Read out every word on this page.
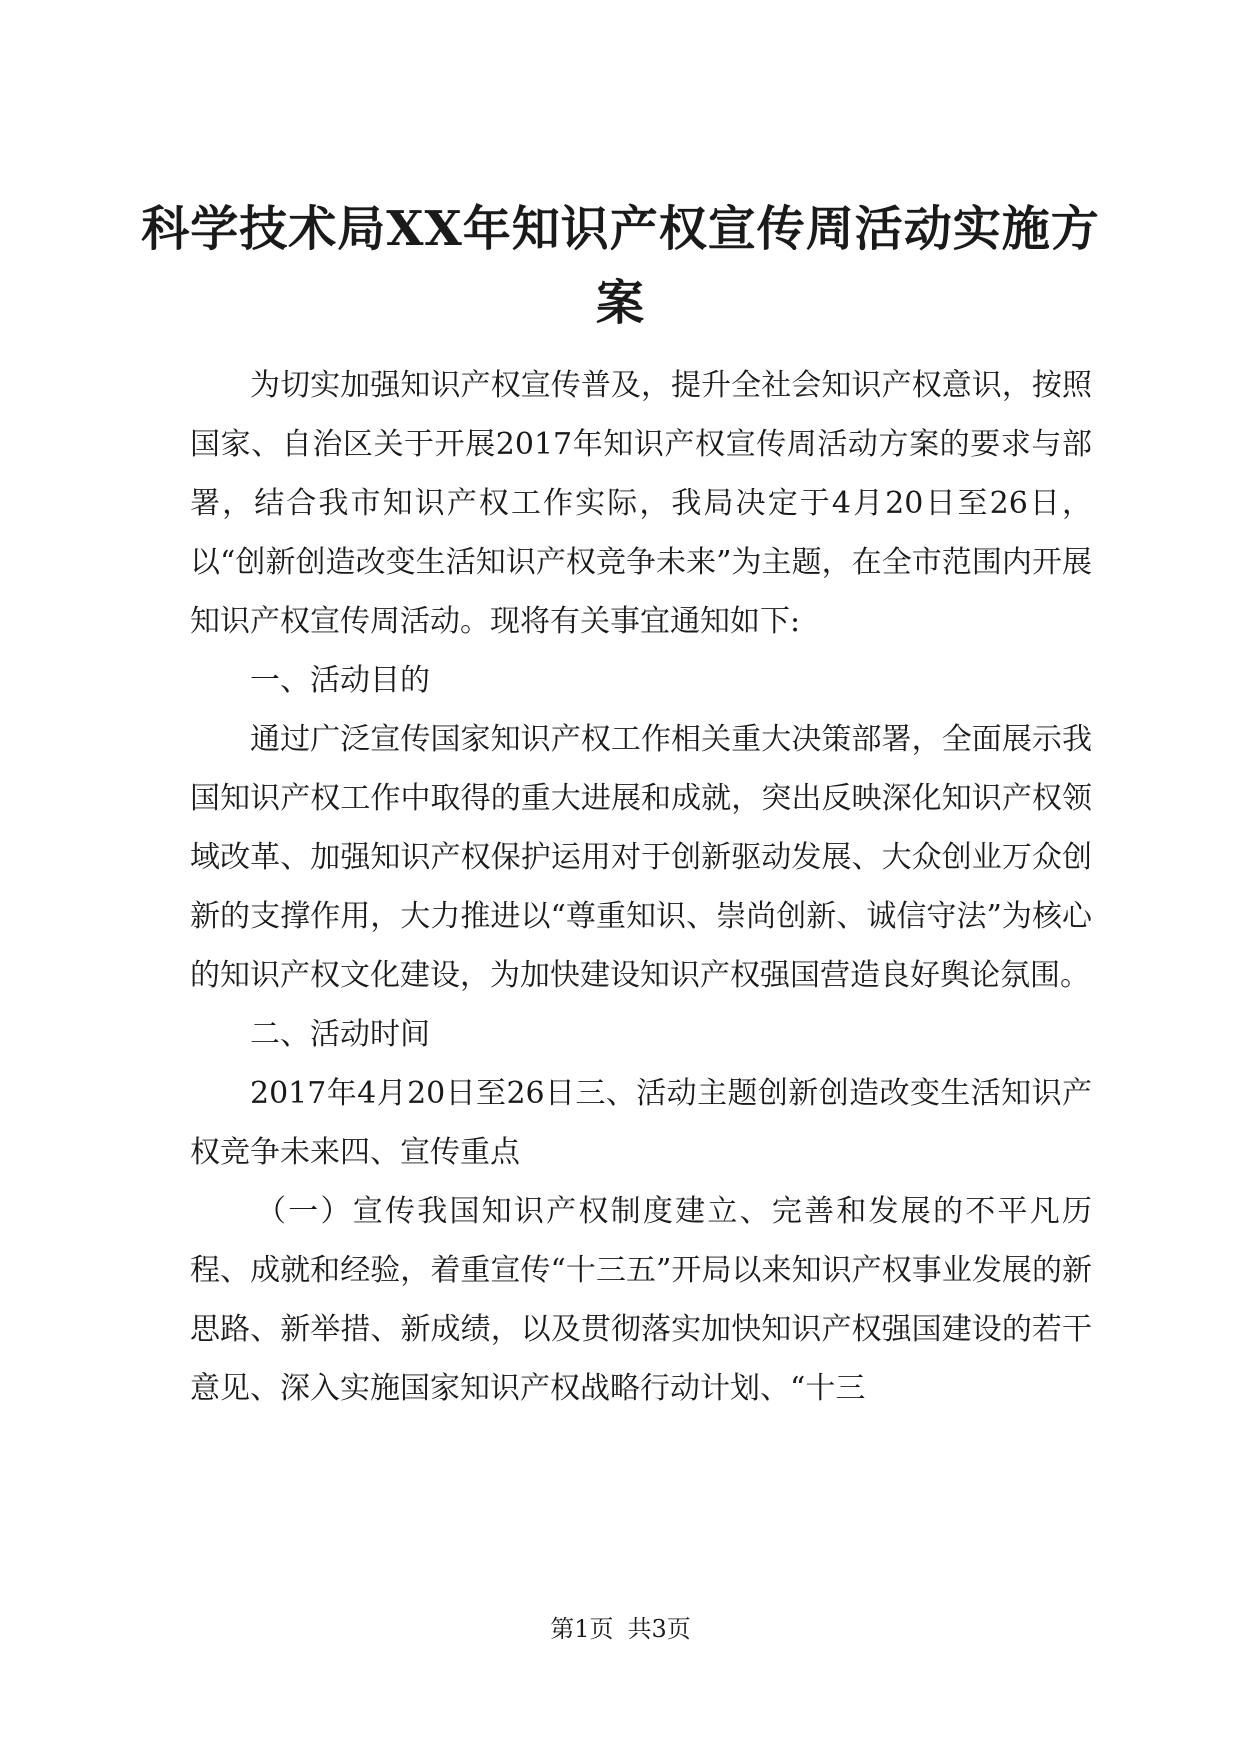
科学技术局XX年知识产权宣传周活动实施方案

为切实加强知识产权宣传普及，提升全社会知识产权意识，按照国家、自治区关于开展2017年知识产权宣传周活动方案的要求与部署，结合我市知识产权工作实际，我局决定于4月20日至26日，以“创新创造改变生活知识产权竞争未来”为主题，在全市范围内开展知识产权宣传周活动。现将有关事宜通知如下:

一、活动目的

通过广泛宣传国家知识产权工作相关重大决策部署，全面展示我国知识产权工作中取得的重大进展和成就，突出反映深化知识产权领域改革、加强知识产权保护运用对于创新驱动发展、大众创业万众创新的支撑作用，大力推进以“尊重知识、崇尚创新、诚信守法”为核心的知识产权文化建设，为加快建设知识产权强国营造良好舆论氛围。

二、活动时间

2017年4月20日至26日三、活动主题创新创造改变生活知识产权竞争未来四、宣传重点

（一）宣传我国知识产权制度建立、完善和发展的不平凡历程、成就和经验，着重宣传“十三五”开局以来知识产权事业发展的新思路、新举措、新成绩，以及贯彻落实加快知识产权强国建设的若干意见、深入实施国家知识产权战略行动计划、“十三

第1页 共3页
